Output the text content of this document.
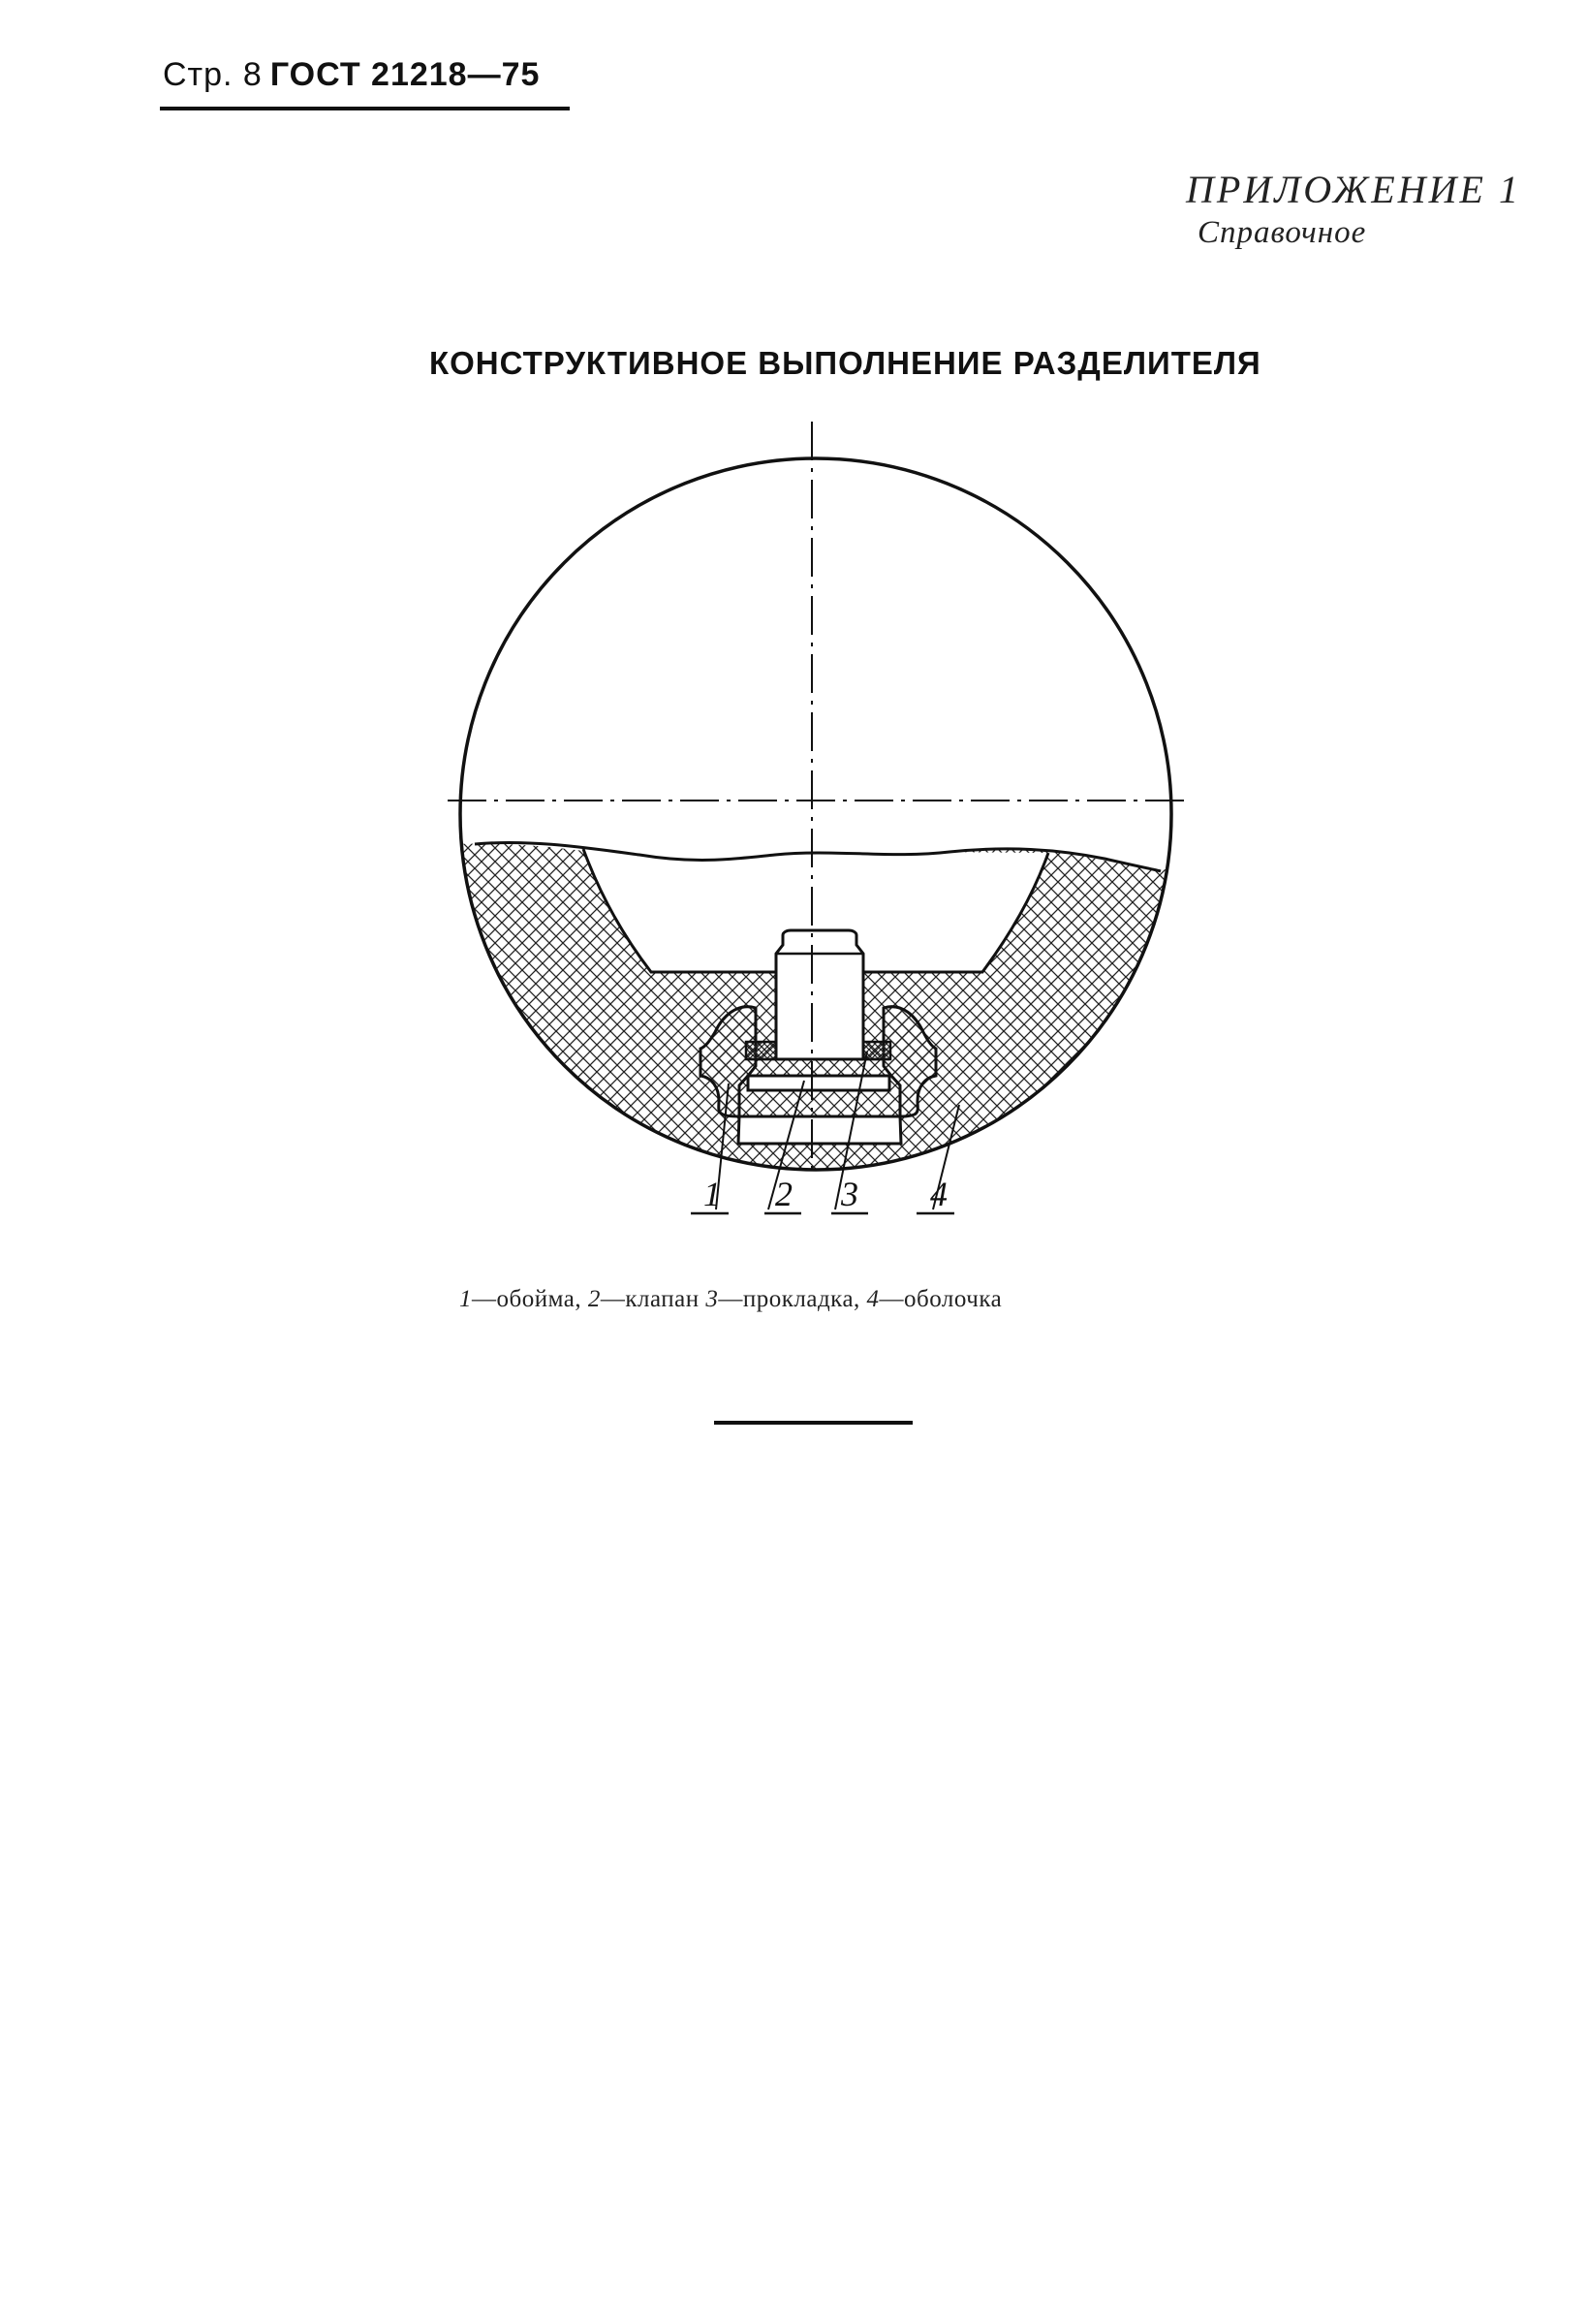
Стр. 8 ГОСТ 21218—75
ПРИЛОЖЕНИЕ 1
Справочное
КОНСТРУКТИВНОЕ ВЫПОЛНЕНИЕ РАЗДЕЛИТЕЛЯ
1 2 3 4
1—обойма, 2—клапан 3—прокладка, 4—оболочка
